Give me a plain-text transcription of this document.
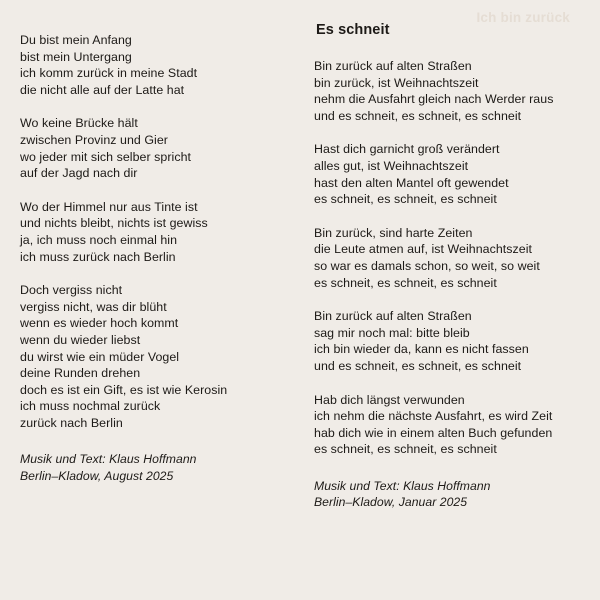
Ich bin zurück
Du bist mein Anfang
bist mein Untergang
ich komm zurück in meine Stadt
die nicht alle auf der Latte hat
Wo keine Brücke hält
zwischen Provinz und Gier
wo jeder mit sich selber spricht
auf der Jagd nach dir
Wo der Himmel nur aus Tinte ist
und nichts bleibt, nichts ist gewiss
ja, ich muss noch einmal hin
ich muss zurück nach Berlin
Doch vergiss nicht
vergiss nicht, was dir blüht
wenn es wieder hoch kommt
wenn du wieder liebst
du wirst wie ein müder Vogel
deine Runden drehen
doch es ist ein Gift, es ist wie Kerosin
ich muss nochmal zurück
zurück nach Berlin
Musik und Text: Klaus Hoffmann
Berlin–Kladow, August 2025
Es schneit
Bin zurück auf alten Straßen
bin zurück, ist Weihnachtszeit
nehm die Ausfahrt gleich nach Werder raus
und es schneit, es schneit, es schneit
Hast dich garnicht groß verändert
alles gut, ist Weihnachtszeit
hast den alten Mantel oft gewendet
es schneit, es schneit, es schneit
Bin zurück, sind harte Zeiten
die Leute atmen auf, ist Weihnachtszeit
so war es damals schon, so weit, so weit
es schneit, es schneit, es schneit
Bin zurück auf alten Straßen
sag mir noch mal: bitte bleib
ich bin wieder da, kann es nicht fassen
und es schneit, es schneit, es schneit
Hab dich längst verwunden
ich nehm die nächste Ausfahrt, es wird Zeit
hab dich wie in einem alten Buch gefunden
es schneit, es schneit, es schneit
Musik und Text: Klaus Hoffmann
Berlin–Kladow, Januar 2025
